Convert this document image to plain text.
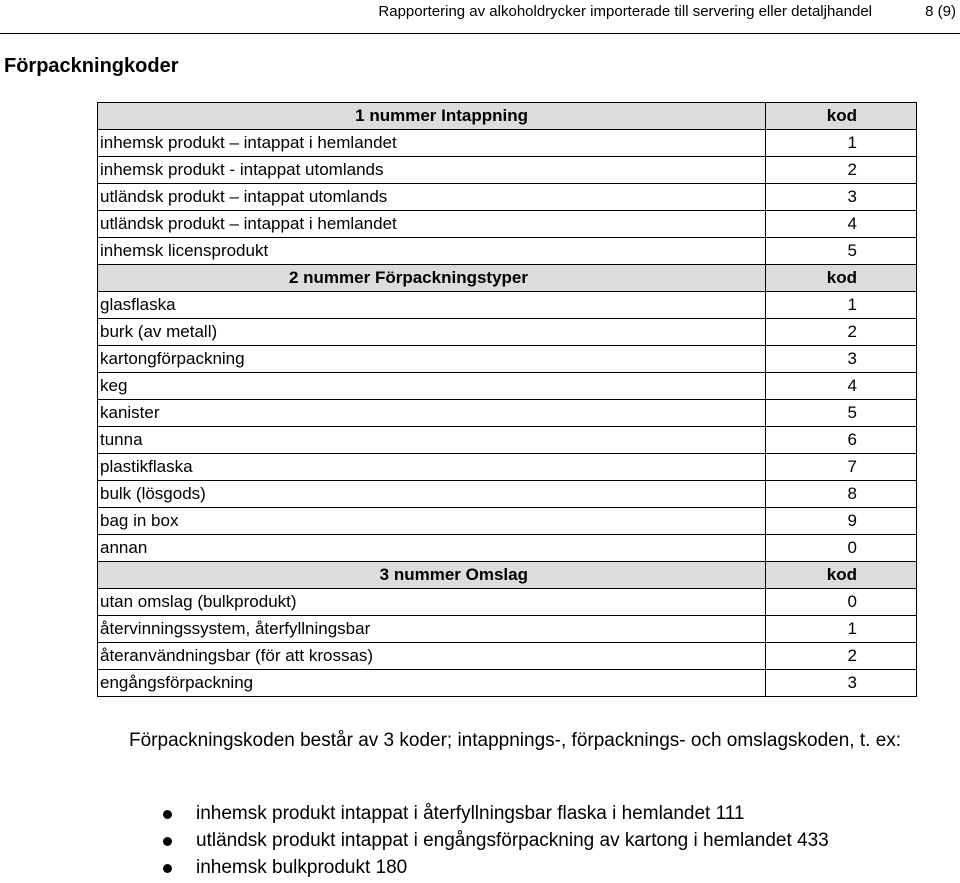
Rapportering av alkoholdrycker importerade till servering eller detaljhandel	8 (9)
Förpackningkoder
1 nummer Intappning	kod
inhemsk produkt – intappat i hemlandet	1
inhemsk produkt - intappat utomlands	2
utländsk produkt – intappat utomlands	3
utländsk produkt – intappat i hemlandet	4
inhemsk licensprodukt	5
2 nummer Förpackningstyper	kod
glasflaska	1
burk (av metall)	2
kartongförpackning	3
keg	4
kanister	5
tunna	6
plastikflaska	7
bulk (lösgods)	8
bag in box	9
annan	0
3 nummer Omslag	kod
utan omslag (bulkprodukt)	0
återvinningssystem, återfyllningsbar	1
återanvändningsbar (för att krossas)	2
engångsförpackning	3
Förpackningskoden består av 3 koder; intappnings-, förpacknings- och omslagskoden, t. ex:
inhemsk produkt intappat i återfyllningsbar flaska i hemlandet 111
utländsk produkt intappat i engångsförpackning av kartong i hemlandet 433
inhemsk bulkprodukt 180
